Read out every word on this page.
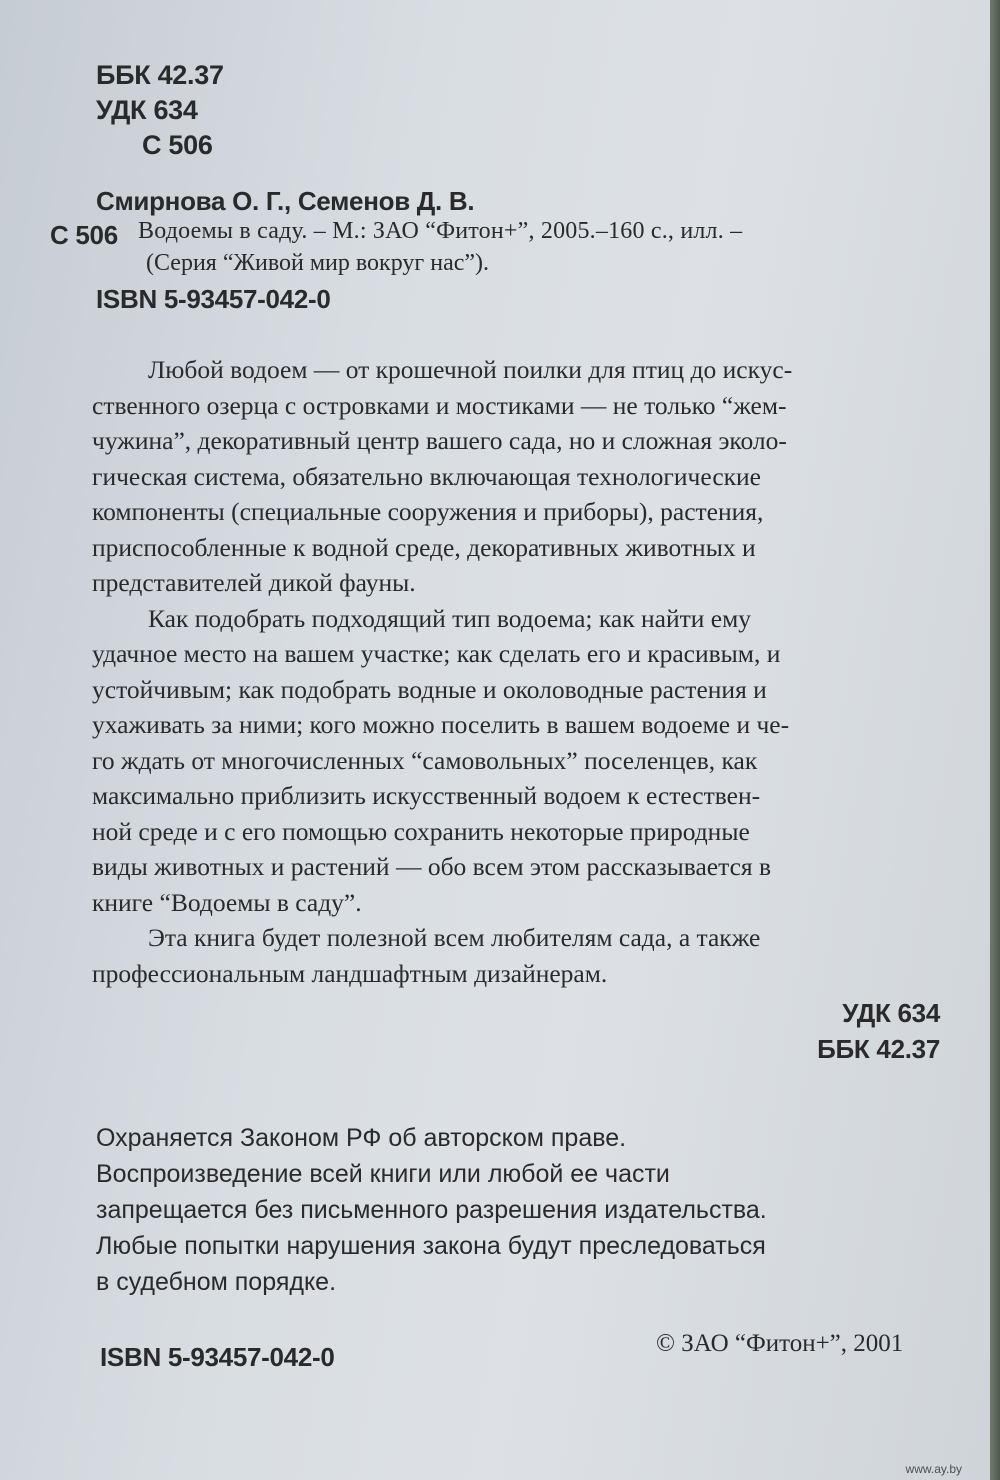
ББК 42.37
УДК 634
С 506
Смирнова О. Г., Семенов Д. В.
С 506 Водоемы в саду. – М.: ЗАО “Фитон+”, 2005.–160 с., илл. –
(Серия “Живой мир вокруг нас”).
ISBN 5-93457-042-0
Любой водоем — от крошечной поилки для птиц до искус-
ственного озерца с островками и мостиками — не только “жем-
чужина”, декоративный центр вашего сада, но и сложная эколо-
гическая система, обязательно включающая технологические
компоненты (специальные сооружения и приборы), растения,
приспособленные к водной среде, декоративных животных и
представителей дикой фауны.
Как подобрать подходящий тип водоема; как найти ему
удачное место на вашем участке; как сделать его и красивым, и
устойчивым; как подобрать водные и околоводные растения и
ухаживать за ними; кого можно поселить в вашем водоеме и че-
го ждать от многочисленных “самовольных” поселенцев, как
максимально приблизить искусственный водоем к естествен-
ной среде и с его помощью сохранить некоторые природные
виды животных и растений — обо всем этом рассказывается в
книге “Водоемы в саду”.
Эта книга будет полезной всем любителям сада, а также
профессиональным ландшафтным дизайнерам.
УДК 634
ББК 42.37
Охраняется Законом РФ об авторском праве.
Воспроизведение всей книги или любой ее части
запрещается без письменного разрешения издательства.
Любые попытки нарушения закона будут преследоваться
в судебном порядке.
ISBN 5-93457-042-0	© ЗАО “Фитон+”, 2001
www.ay.by
